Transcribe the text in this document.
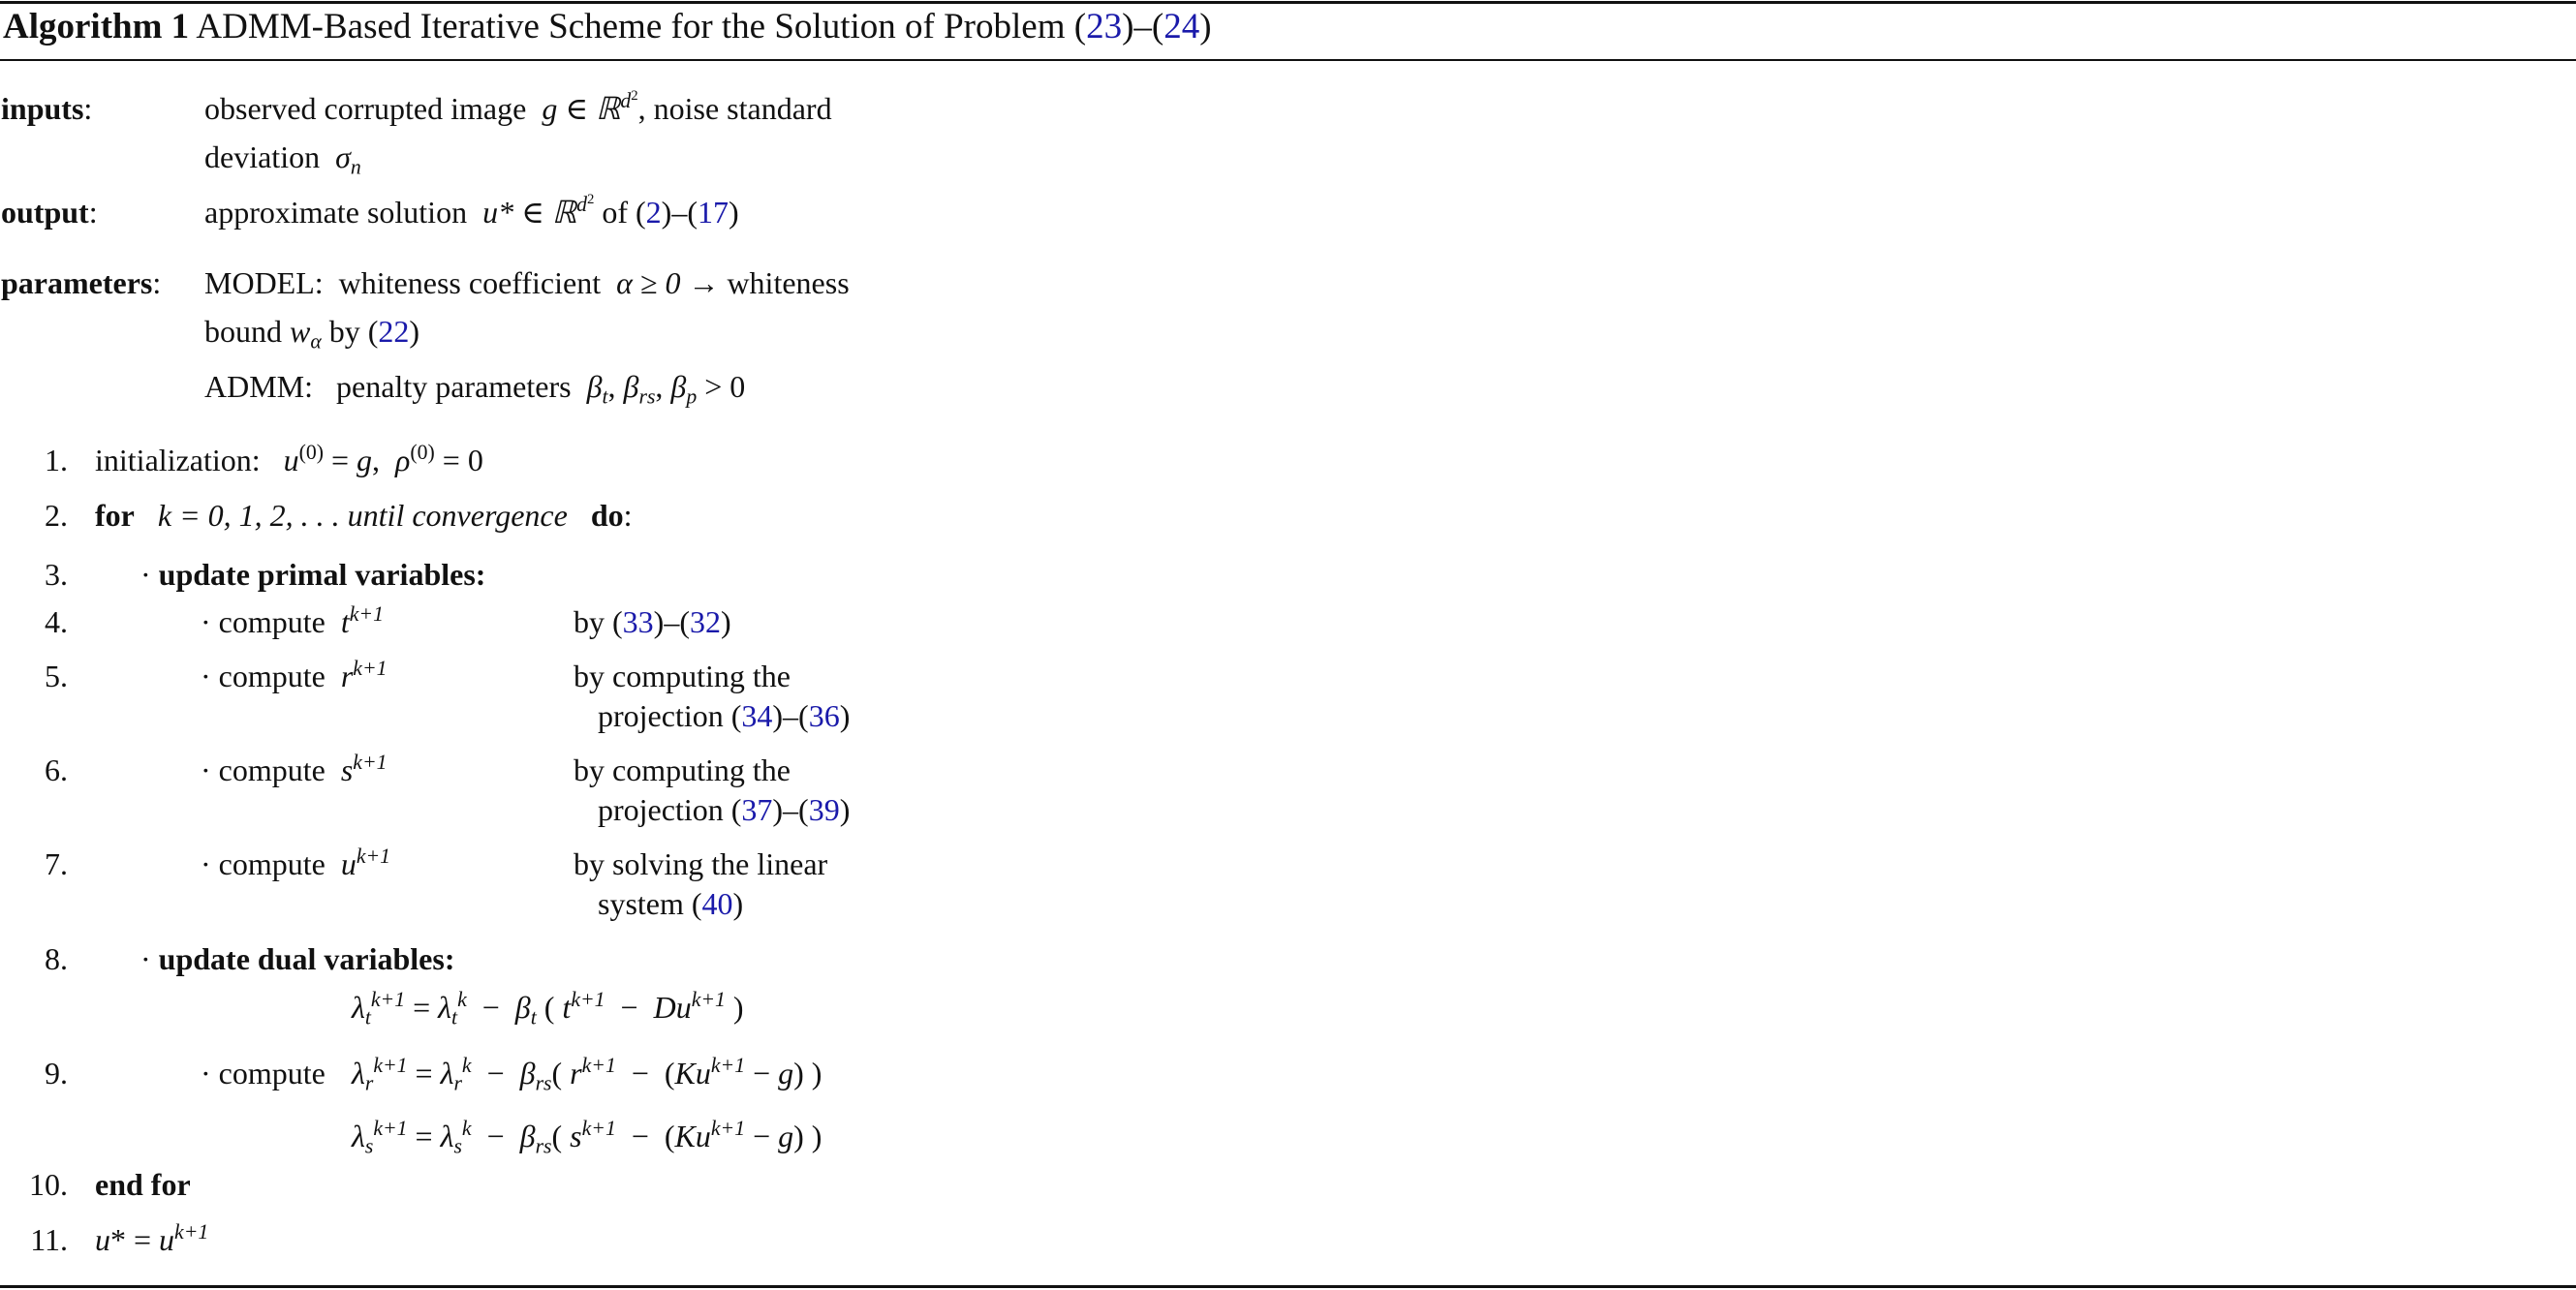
Algorithm 1 ADMM-Based Iterative Scheme for the Solution of Problem (23)–(24)
inputs:	observed corrupted image g ∈ ℝ$^{d^2}$, noise standard
deviation $\sigma_n$
output:	approximate solution u* ∈ ℝ$^{d^2}$ of (2)–(17)
parameters: MODEL: whiteness coefficient α ≥ 0 → whiteness
bound $w_\alpha$ by (22)
ADMM: penalty parameters $\beta_t$, $\beta_{rs}$, $\beta_p > 0$
1. initialization: $u^{(0)} = g$,  $\rho^{(0)} = 0$
2. for k = 0, 1, 2, . . . until convergence do:
3. · update primal variables:
4.	· compute $t^{k+1}$	by (33)–(32)
5.	· compute $r^{k+1}$	by computing the
projection (34)–(36)
6.	· compute $s^{k+1}$	by computing the
projection (37)–(39)
7.	· compute $u^{k+1}$	by solving the linear
system (40)
8. · update dual variables:
$\lambda_t^{k+1} = \lambda_t^k - \beta_t$ ( $t^{k+1} - Du^{k+1}$ )
9.	· compute $\lambda_r^{k+1} = \lambda_r^k - \beta_{rs}$( $r^{k+1} - (Ku^{k+1} - g)$ )
$\lambda_s^{k+1} = \lambda_s^k - \beta_{rs}$( $s^{k+1} - (Ku^{k+1} - g)$ )
10. end for
11. $u* = u^{k+1}$
